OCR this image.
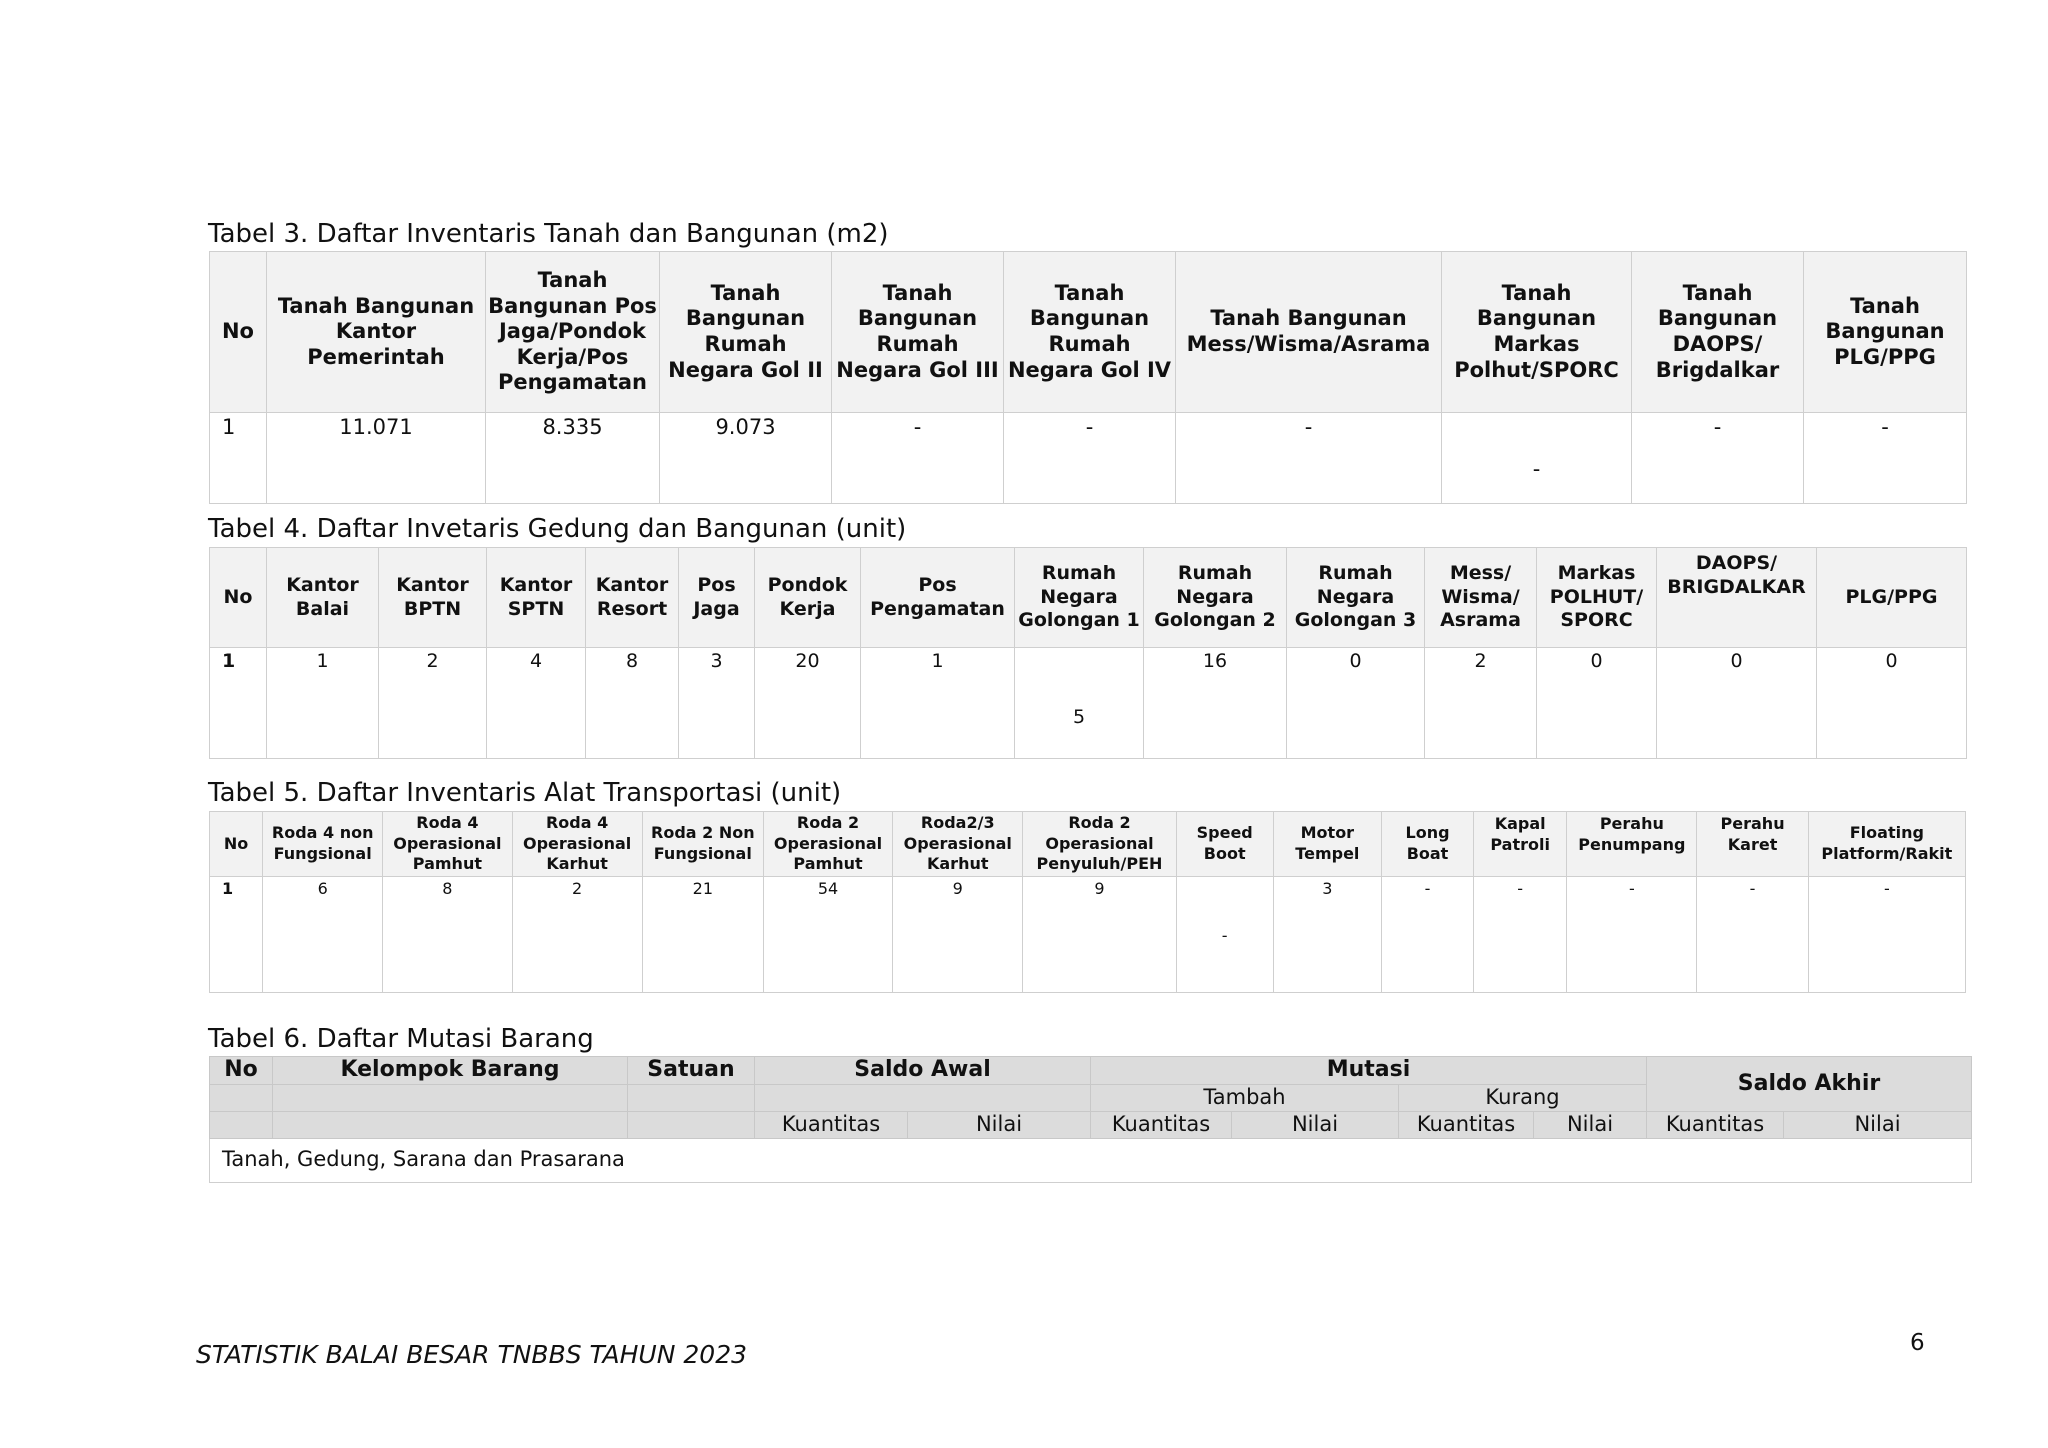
Tabel 3. Daftar Inventaris Tanah dan Bangunan (m2)
No	Tanah Bangunan Kantor Pemerintah	Tanah Bangunan Pos Jaga/Pondok Kerja/Pos Pengamatan	Tanah Bangunan Rumah Negara Gol II	Tanah Bangunan Rumah Negara Gol III	Tanah Bangunan Rumah Negara Gol IV	Tanah Bangunan Mess/Wisma/Asrama	Tanah Bangunan Markas Polhut/SPORC	Tanah Bangunan DAOPS/ Brigdalkar	Tanah Bangunan PLG/PPG
1	11.071	8.335	9.073	-	-	-	-	-	-
Tabel 4. Daftar Invetaris Gedung dan Bangunan (unit)
No	Kantor Balai	Kantor BPTN	Kantor SPTN	Kantor Resort	Pos Jaga	Pondok Kerja	Pos Pengamatan	Rumah Negara Golongan 1	Rumah Negara Golongan 2	Rumah Negara Golongan 3	Mess/ Wisma/ Asrama	Markas POLHUT/ SPORC	DAOPS/ BRIGDALKAR	PLG/PPG
1	1	2	4	8	3	20	1	5	16	0	2	0	0	0
Tabel 5. Daftar Inventaris Alat Transportasi (unit)
No	Roda 4 non Fungsional	Roda 4 Operasional Pamhut	Roda 4 Operasional Karhut	Roda 2 Non Fungsional	Roda 2 Operasional Pamhut	Roda2/3 Operasional Karhut	Roda 2 Operasional Penyuluh/PEH	Speed Boot	Motor Tempel	Long Boat	Kapal Patroli	Perahu Penumpang	Perahu Karet	Floating Platform/Rakit
1	6	8	2	21	54	9	9	-	3	-	-	-	-	-
Tabel 6. Daftar Mutasi Barang
No	Kelompok Barang	Satuan	Saldo Awal		Mutasi				Saldo Akhir	
					Tambah		Kurang			
			Kuantitas	Nilai	Kuantitas	Nilai	Kuantitas	Nilai	Kuantitas	Nilai
Tanah, Gedung, Sarana dan Prasarana										
STATISTIK BALAI BESAR TNBBS TAHUN 2023	6
